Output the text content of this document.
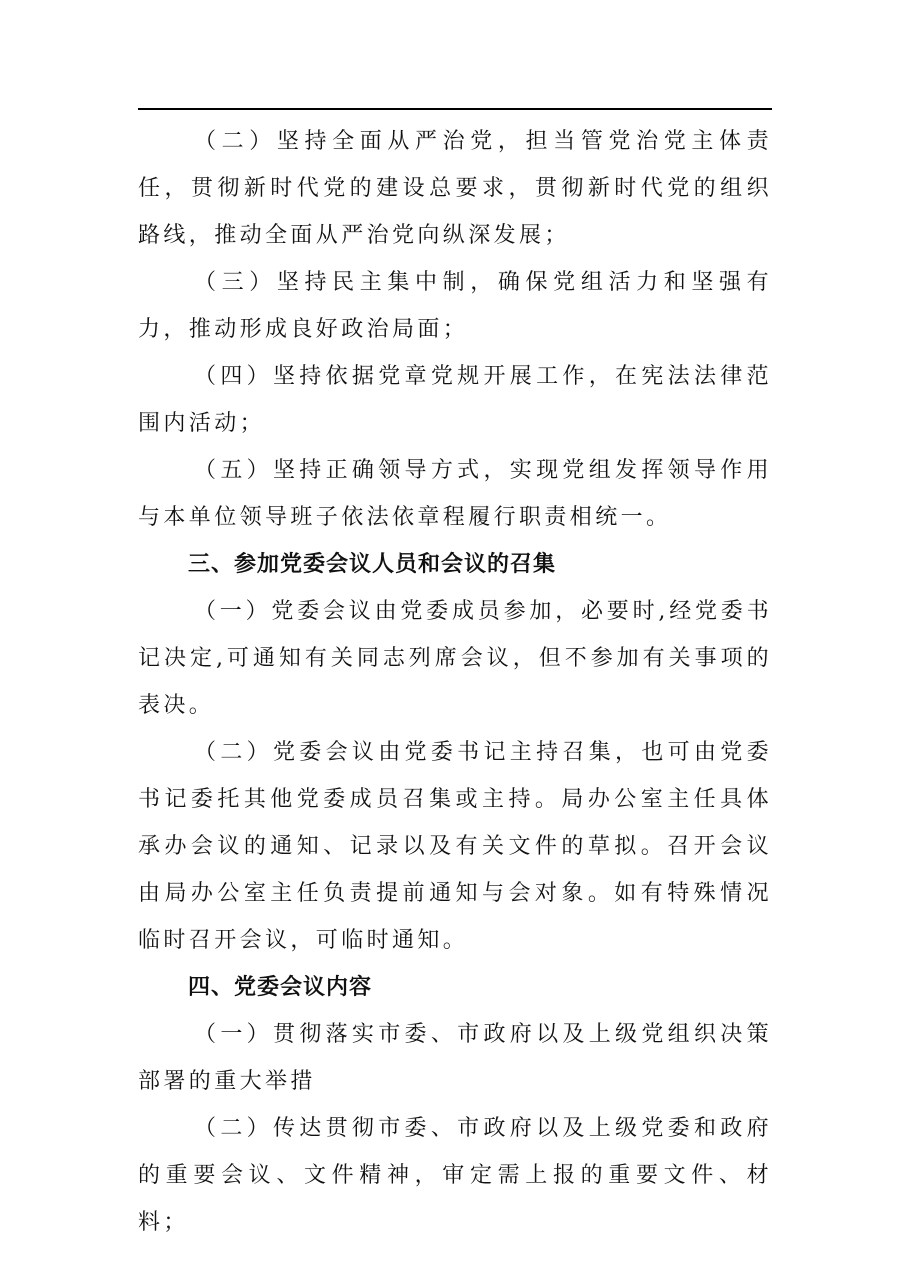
（二）坚持全面从严治党，担当管党治党主体责任，贯彻新时代党的建设总要求，贯彻新时代党的组织路线，推动全面从严治党向纵深发展；

（三）坚持民主集中制，确保党组活力和坚强有力，推动形成良好政治局面；

（四）坚持依据党章党规开展工作，在宪法法律范围内活动；

（五）坚持正确领导方式，实现党组发挥领导作用与本单位领导班子依法依章程履行职责相统一。

三、参加党委会议人员和会议的召集

（一）党委会议由党委成员参加，必要时,经党委书记决定,可通知有关同志列席会议，但不参加有关事项的表决。

（二）党委会议由党委书记主持召集，也可由党委书记委托其他党委成员召集或主持。局办公室主任具体承办会议的通知、记录以及有关文件的草拟。召开会议由局办公室主任负责提前通知与会对象。如有特殊情况临时召开会议，可临时通知。

四、党委会议内容

（一）贯彻落实市委、市政府以及上级党组织决策部署的重大举措

（二）传达贯彻市委、市政府以及上级党委和政府的重要会议、文件精神，审定需上报的重要文件、材料；
